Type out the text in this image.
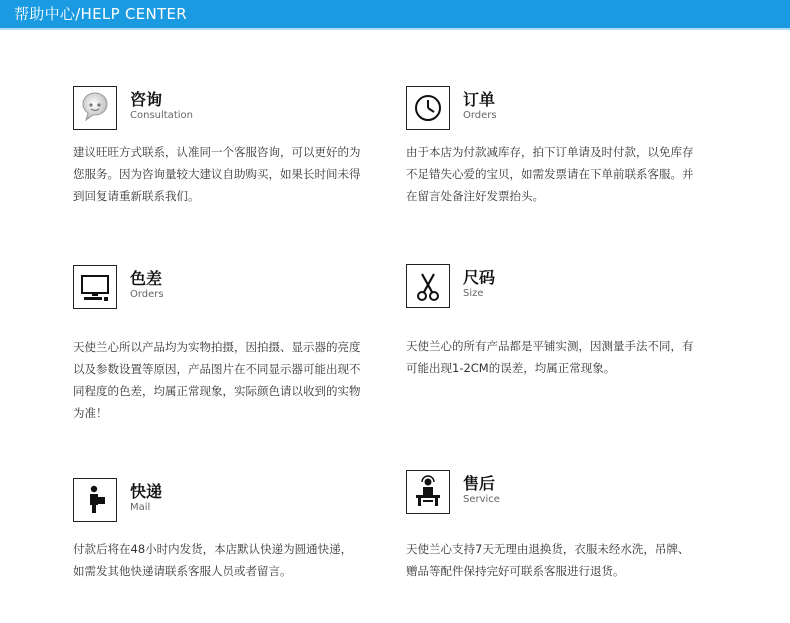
帮助中心/HELP CENTER
咨询
Consultation
建议旺旺方式联系，认准同一个客服咨询，可以更好的为您服务。因为咨询量较大建议自助购买，如果长时间未得到回复请重新联系我们。
订单
Orders
由于本店为付款减库存，拍下订单请及时付款，以免库存不足错失心爱的宝贝，如需发票请在下单前联系客服。并在留言处备注好发票抬头。
色差
Orders
天使兰心所以产品均为实物拍摄，因拍摄、显示器的亮度以及参数设置等原因，产品图片在不同显示器可能出现不同程度的色差，均属正常现象，实际颜色请以收到的实物为准！
尺码
Size
天使兰心的所有产品都是平铺实测，因测量手法不同，有可能出现1-2CM的误差，均属正常现象。
快递
Mail
付款后将在48小时内发货，本店默认快递为圆通快递，如需发其他快递请联系客服人员或者留言。
售后
Service
天使兰心支持7天无理由退换货，衣服未经水洗，吊牌、赠品等配件保持完好可联系客服进行退货。
